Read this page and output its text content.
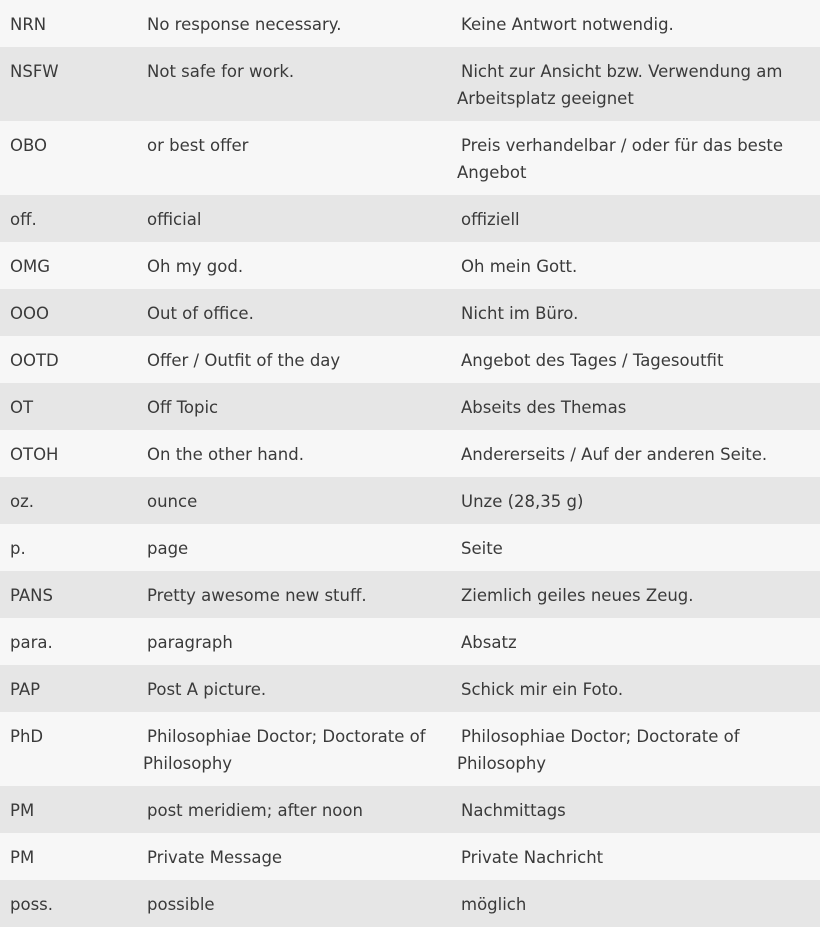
NRN	No response necessary.	Keine Antwort notwendig.
NSFW	Not safe for work.	Nicht zur Ansicht bzw. Verwendung am Arbeitsplatz geeignet
OBO	or best offer	Preis verhandelbar / oder für das beste Angebot
off.	official	offiziell
OMG	Oh my god.	Oh mein Gott.
OOO	Out of office.	Nicht im Büro.
OOTD	Offer / Outfit of the day	Angebot des Tages / Tagesoutfit
OT	Off Topic	Abseits des Themas
OTOH	On the other hand.	Andererseits / Auf der anderen Seite.
oz.	ounce	Unze (28,35 g)
p.	page	Seite
PANS	Pretty awesome new stuff.	Ziemlich geiles neues Zeug.
para.	paragraph	Absatz
PAP	Post A picture.	Schick mir ein Foto.
PhD	Philosophiae Doctor; Doctorate of Philosophy	Philosophiae Doctor; Doctorate of Philosophy
PM	post meridiem; after noon	Nachmittags
PM	Private Message	Private Nachricht
poss.	possible	möglich
